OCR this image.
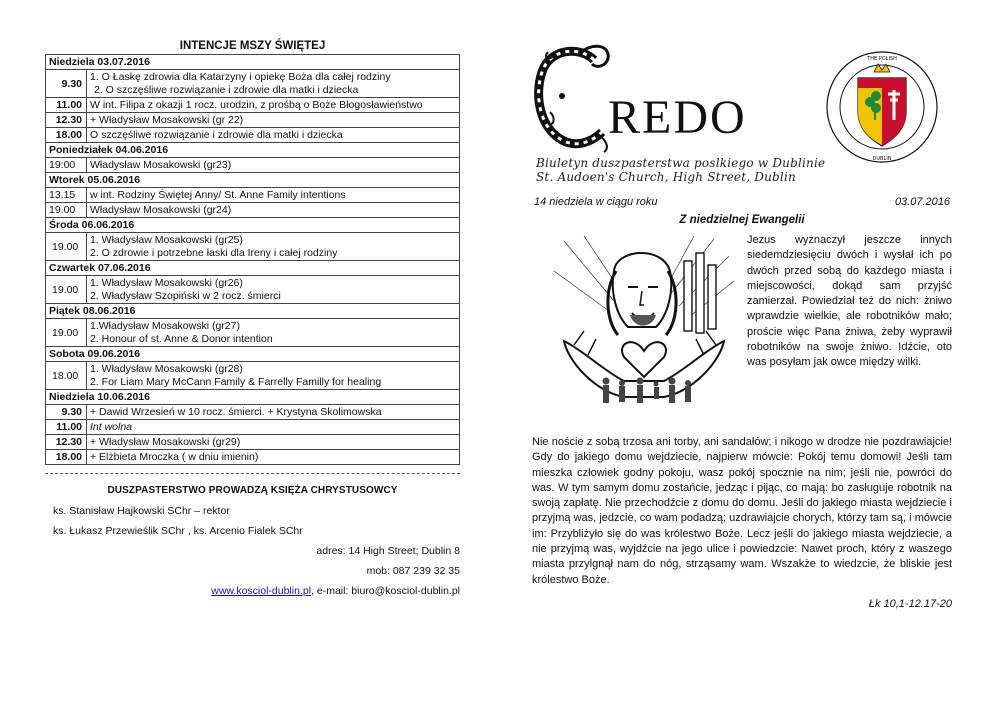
INTENCJE MSZY ŚWIĘTEJ
Niedziela 03.07.2016	
9.30	1. O Łaskę zdrowia dla Katarzyny i opiekę Boża dla całej rodziny
2. O szczęśliwe rozwiązanie i zdrowie dla matki i dziecka

11.00	W int. Filipa z okazji 1 rocz. urodzin, z prośbą o Boże Błogosławieństwo

12.30	+ Władysław Mosakowski (gr 22)

18.00	O szczęśliwe rozwiązanie i zdrowie dla matki i dziecka

Poniedziałek 04.06.2016	
19:00	Władysław Mosakowski (gr23)

Wtorek 05.06.2016	
13.15	w int. Rodziny Świętej Anny/ St. Anne Family intentions

19.00	Władysław Mosakowski (gr24)

Środa 06.06.2016	
19.00	1. Władysław Mosakowski (gr25)
2. O zdrowie i potrzebne łaski dla Ireny i całej rodziny

Czwartek 07.06.2016	
19.00	1. Władysław Mosakowski (gr26)
2. Władysław Szopiński w 2 rocz. śmierci

Piątek 08.06.2016	
19.00	1.Władysław Mosakowski (gr27)
2. Honour of st. Anne & Donor intention

Sobota 09.06.2016	
18.00	1. Władysław Mosakowski (gr28)
2. For Liam Mary McCann Family & Farrelly Familly for healing

Niedziela 10.06.2016	
9.30	+ Dawid Wrzesień w 10 rocz. śmierci. + Krystyna Skolimowska

11.00	Int wolna

12.30	+ Władysław Mosakowski (gr29)

18.00	+ Elżbieta Mroczka ( w dniu imienin)
DUSZPASTERSTWO PROWADZĄ KSIĘŻA CHRYSTUSOWCY
ks. Stanisław Hajkowski SChr – rektor
ks. Łukasz Przewieślik SChr , ks. Arcenio Fialek SChr
adres: 14 High Street; Dublin 8
mob: 087 239 32 35
www.kosciol-dublin.pl, e-mail: biuro@kosciol-dublin.pl
REDO
THE POLISH
DUBLIN
Biuletyn duszpasterstwa poslkiego w Dublinie
St. Audoen's Church, High Street, Dublin
14 niedziela w ciągu roku	03.07.2016
Z niedzielnej Ewangelii
Jezus wyznaczył jeszcze innych siedemdziesięciu dwóch i wysłał ich po dwóch przed sobą do każdego miasta i miejscowości, dokąd sam przyjść zamierzał. Powiedział też do nich: żniwo wprawdzie wielkie, ale robotników mało; proście więc Pana żniwa, żeby wyprawił robotników na swoje żniwo. Idźcie, oto was posyłam jak owce między wilki.
Nie noście z sobą trzosa ani torby, ani sandałów; i nikogo w drodze nie pozdrawiajcie! Gdy do jakiego domu wejdziecie, najpierw mówcie: Pokój temu domowi! Jeśli tam mieszka człowiek godny pokoju, wasz pokój spocznie na nim; jeśli nie, powróci do was. W tym samym domu zostańcie, jedząc i pijąc, co mają: bo zasługuje robotnik na swoją zapłatę. Nie przechodźcie z domu do domu. Jeśli do jakiego miasta wejdziecie i przyjmą was, jedzcie, co wam podadzą; uzdrawiajcie chorych, którzy tam są, i mówcie im: Przybliżyło się do was królestwo Boże. Lecz jeśli do jakiego miasta wejdziecie, a nie przyjmą was, wyjdźcie na jego ulice i powiedzcie: Nawet proch, który z waszego miasta przylgnął nam do nóg, strząsamy wam. Wszakże to wiedzcie, że bliskie jest królestwo Boże.
Łk 10,1-12.17-20
